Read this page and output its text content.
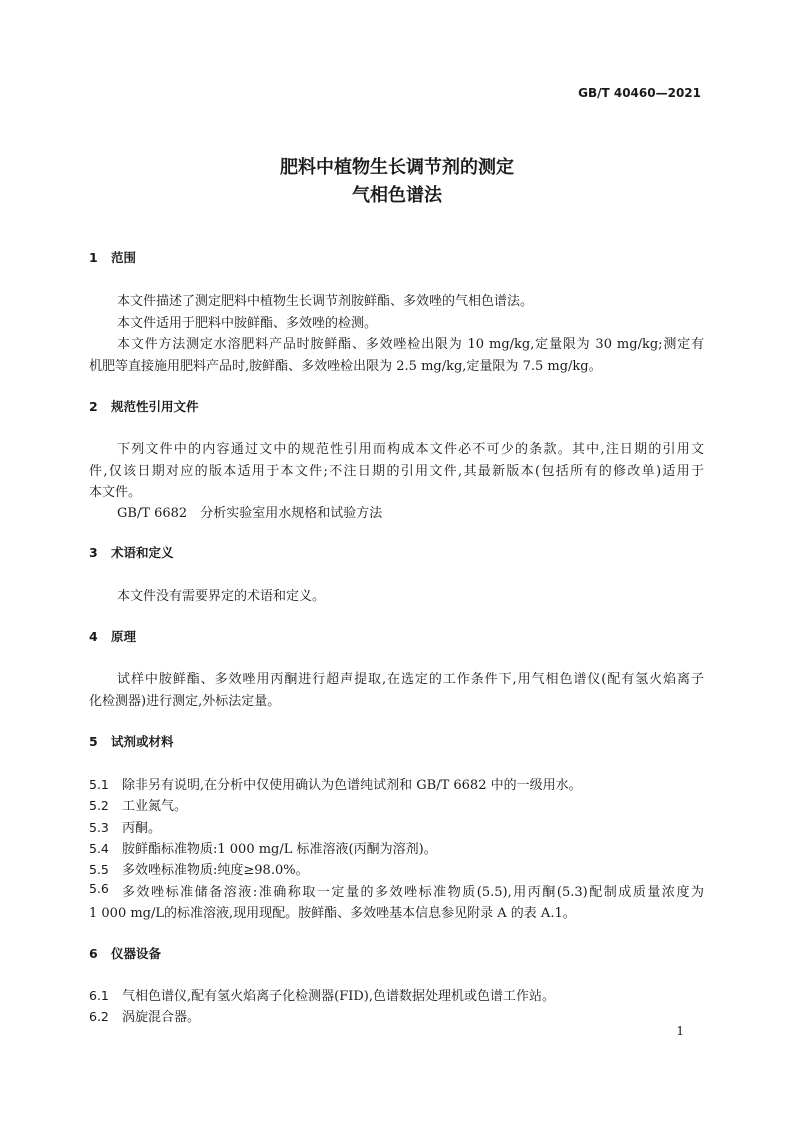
GB/T 40460—2021
肥料中植物生长调节剂的测定
气相色谱法
1 范围
本文件描述了测定肥料中植物生长调节剂胺鲜酯、多效唑的气相色谱法。
本文件适用于肥料中胺鲜酯、多效唑的检测。
本文件方法测定水溶肥料产品时胺鲜酯、多效唑检出限为 10 mg/kg,定量限为 30 mg/kg;测定有
机肥等直接施用肥料产品时,胺鲜酯、多效唑检出限为 2.5 mg/kg,定量限为 7.5 mg/kg。
2 规范性引用文件
下列文件中的内容通过文中的规范性引用而构成本文件必不可少的条款。其中,注日期的引用文
件,仅该日期对应的版本适用于本文件;不注日期的引用文件,其最新版本(包括所有的修改单)适用于
本文件。
GB/T 6682　分析实验室用水规格和试验方法
3 术语和定义
本文件没有需要界定的术语和定义。
4 原理
试样中胺鲜酯、多效唑用丙酮进行超声提取,在选定的工作条件下,用气相色谱仪(配有氢火焰离子
化检测器)进行测定,外标法定量。
5 试剂或材料
5.1 除非另有说明,在分析中仅使用确认为色谱纯试剂和 GB/T 6682 中的一级用水。
5.2 工业氮气。
5.3 丙酮。
5.4 胺鲜酯标准物质:1 000 mg/L 标准溶液(丙酮为溶剂)。
5.5 多效唑标准物质:纯度≥98.0%。
5.6	多效唑标准储备溶液:准确称取一定量的多效唑标准物质(5.5),用丙酮(5.3)配制成质量浓度为
1 000 mg/L的标准溶液,现用现配。胺鲜酯、多效唑基本信息参见附录 A 的表 A.1。
6 仪器设备
6.1 气相色谱仪,配有氢火焰离子化检测器(FID),色谱数据处理机或色谱工作站。
6.2 涡旋混合器。
1
